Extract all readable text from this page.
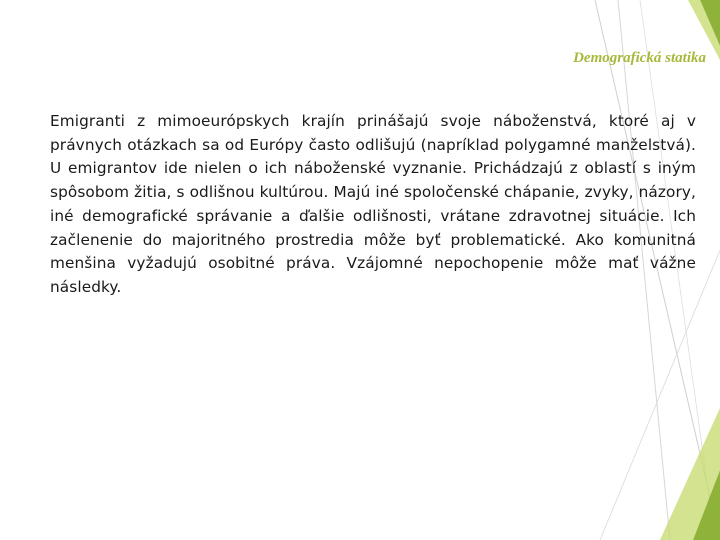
Demografická statika

Emigranti z mimoeurópskych krajín prinášajú svoje náboženstvá, ktoré aj v právnych otázkach sa od Európy často odlišujú (napríklad polygamné manželstvá). U emigrantov ide nielen o ich náboženské vyznanie. Prichádzajú z oblastí s iným spôsobom žitia, s odlišnou kultúrou. Majú iné spoločenské chápanie, zvyky, názory, iné demografické správanie a ďalšie odlišnosti, vrátane zdravotnej situácie. Ich začlenenie do majoritného prostredia môže byť problematické. Ako komunitná menšina vyžadujú osobitné práva. Vzájomné nepochopenie môže mať vážne následky.
